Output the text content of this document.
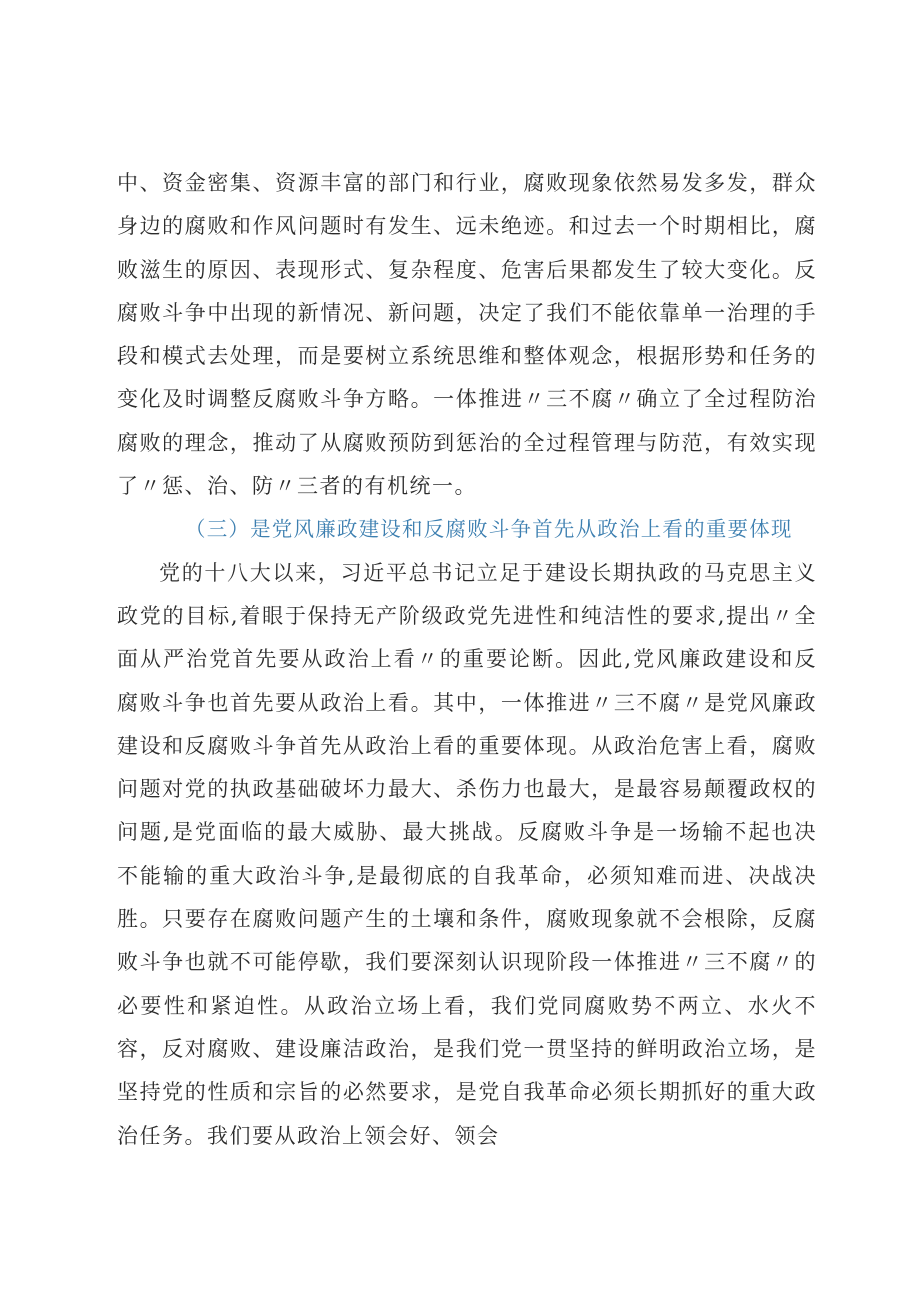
中、资金密集、资源丰富的部门和行业，腐败现象依然易发多发，群众身边的腐败和作风问题时有发生、远未绝迹。和过去一个时期相比，腐败滋生的原因、表现形式、复杂程度、危害后果都发生了较大变化。反腐败斗争中出现的新情况、新问题，决定了我们不能依靠单一治理的手段和模式去处理，而是要树立系统思维和整体观念，根据形势和任务的变化及时调整反腐败斗争方略。一体推进〃三不腐〃确立了全过程防治腐败的理念，推动了从腐败预防到惩治的全过程管理与防范，有效实现了〃惩、治、防〃三者的有机统一。

（三）是党风廉政建设和反腐败斗争首先从政治上看的重要体现

党的十八大以来，习近平总书记立足于建设长期执政的马克思主义政党的目标,着眼于保持无产阶级政党先进性和纯洁性的要求,提出〃全面从严治党首先要从政治上看〃的重要论断。因此,党风廉政建设和反腐败斗争也首先要从政治上看。其中，一体推进〃三不腐〃是党风廉政建设和反腐败斗争首先从政治上看的重要体现。从政治危害上看，腐败问题对党的执政基础破坏力最大、杀伤力也最大，是最容易颠覆政权的问题,是党面临的最大威胁、最大挑战。反腐败斗争是一场输不起也决不能输的重大政治斗争,是最彻底的自我革命，必须知难而进、决战决胜。只要存在腐败问题产生的土壤和条件，腐败现象就不会根除，反腐败斗争也就不可能停歇，我们要深刻认识现阶段一体推进〃三不腐〃的必要性和紧迫性。从政治立场上看，我们党同腐败势不两立、水火不容，反对腐败、建设廉洁政治，是我们党一贯坚持的鲜明政治立场，是坚持党的性质和宗旨的必然要求，是党自我革命必须长期抓好的重大政治任务。我们要从政治上领会好、领会
